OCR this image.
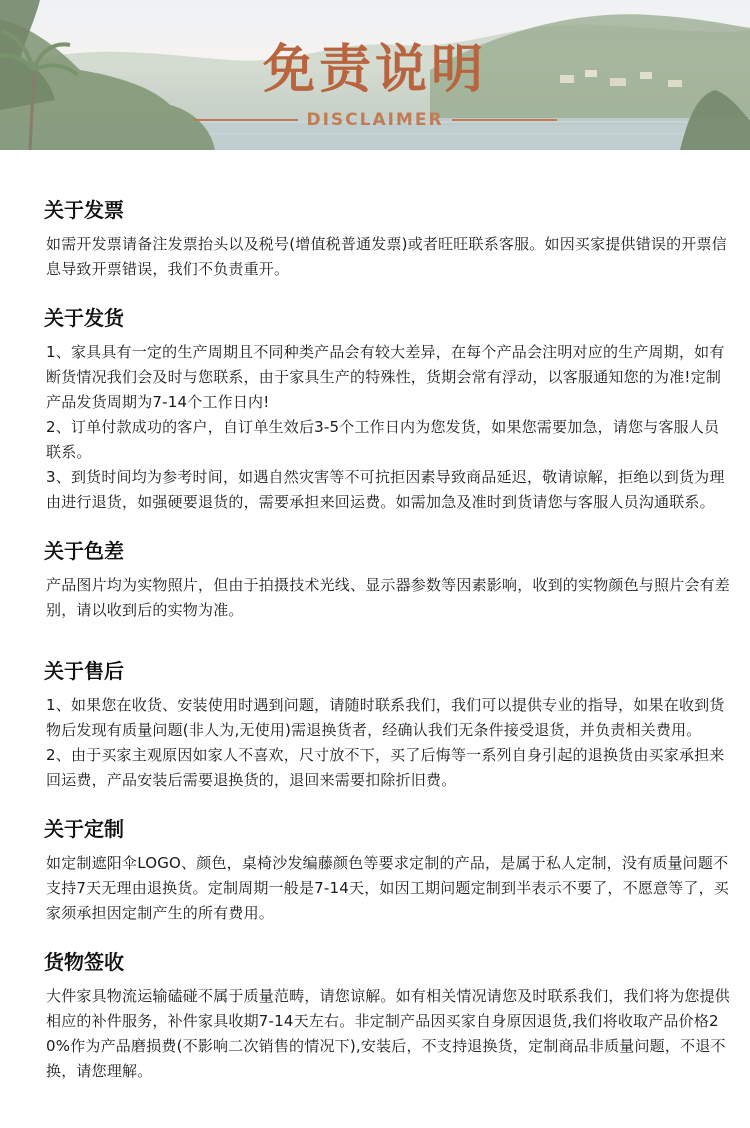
免责说明
DISCLAIMER
关于发票

如需开发票请备注发票抬头以及税号(增值税普通发票)或者旺旺联系客服。如因买家提供错误的开票信息导致开票错误，我们不负责重开。

关于发货

1、家具具有一定的生产周期且不同种类产品会有较大差异，在每个产品会注明对应的生产周期，如有断货情况我们会及时与您联系，由于家具生产的特殊性，货期会常有浮动，以客服通知您的为准!定制产品发货周期为7-14个工作日内!

2、订单付款成功的客户，自订单生效后3-5个工作日内为您发货，如果您需要加急，请您与客服人员联系。

3、到货时间均为参考时间，如遇自然灾害等不可抗拒因素导致商品延迟，敬请谅解，拒绝以到货为理由进行退货，如强硬要退货的，需要承担来回运费。如需加急及准时到货请您与客服人员沟通联系。

关于色差

产品图片均为实物照片，但由于拍摄技术光线、显示器参数等因素影响，收到的实物颜色与照片会有差别，请以收到后的实物为准。

关于售后

1、如果您在收货、安装使用时遇到问题，请随时联系我们，我们可以提供专业的指导，如果在收到货物后发现有质量问题(非人为,无使用)需退换货者，经确认我们无条件接受退货，并负责相关费用。

2、由于买家主观原因如家人不喜欢，尺寸放不下，买了后悔等一系列自身引起的退换货由买家承担来回运费，产品安装后需要退换货的，退回来需要扣除折旧费。

关于定制

如定制遮阳伞LOGO、颜色，桌椅沙发编藤颜色等要求定制的产品，是属于私人定制，没有质量问题不支持7天无理由退换货。定制周期一般是7-14天，如因工期问题定制到半表示不要了，不愿意等了，买家须承担因定制产生的所有费用。

货物签收

大件家具物流运输磕碰不属于质量范畴，请您谅解。如有相关情况请您及时联系我们，我们将为您提供相应的补件服务，补件家具收期7-14天左右。非定制产品因买家自身原因退货,我们将收取产品价格20%作为产品磨损费(不影响二次销售的情况下),安装后，不支持退换货，定制商品非质量问题，不退不换，请您理解。
